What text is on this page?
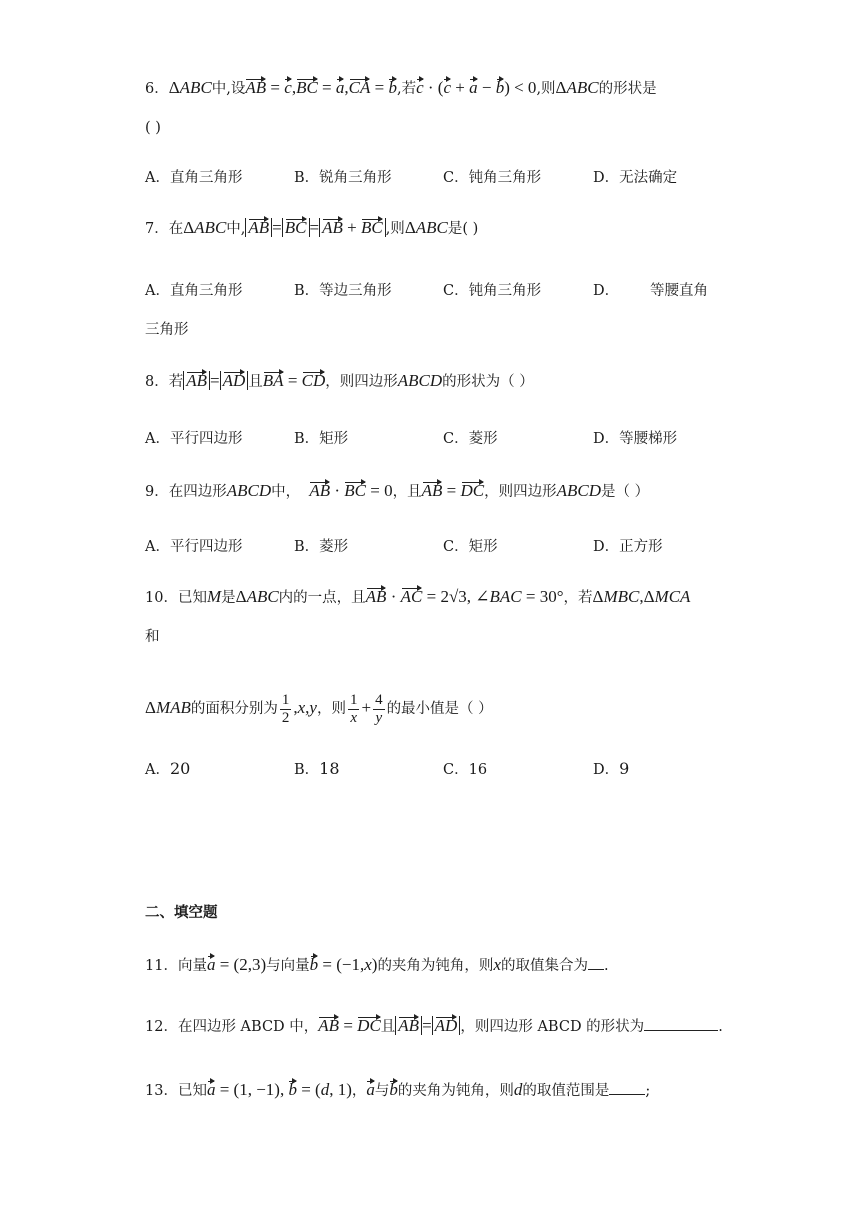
6．ΔABC中,设AB = c,BC = a,CA = b,若c · (c + a − b) < 0,则ΔABC的形状是
( )
A．直角三角形	B．锐角三角形	C．钝角三角形	D．无法确定
7．在ΔABC中, AB = BC = AB + BC ,则ΔABC是( )
A．直角三角形	B．等边三角形	C．钝角三角形	D． 等腰直角
三角形
8．若 AB = AD 且BA = CD，则四边形ABCD的形状为（ ）
A．平行四边形	B．矩形	C．菱形	D．等腰梯形
9．在四边形ABCD中， AB · BC = 0，且AB = DC，则四边形ABCD是（ ）
A．平行四边形	B．菱形	C．矩形	D．正方形
10．已知M是ΔABC内的一点，且AB · AC = 2√3, ∠BAC = 30°，若ΔMBC,ΔMCA
和
ΔMAB的面积分别为 $\frac{1}{2} ,x,y$，则 $\frac{1}{x} + \frac{4}{y}$ 的最小值是（ ）
A．20	B．18	C．16	D．9
二、填空题
11．向量a = (2,3)与向量b = (−1,x)的夹角为钝角，则x的取值集合为 .
12．在四边形 ABCD 中，AB = DC且 AB = AD ，则四边形 ABCD 的形状为	.
13．已知a = (1, −1), b = (d, 1)，a与b的夹角为钝角，则d的取值范围是 ;
